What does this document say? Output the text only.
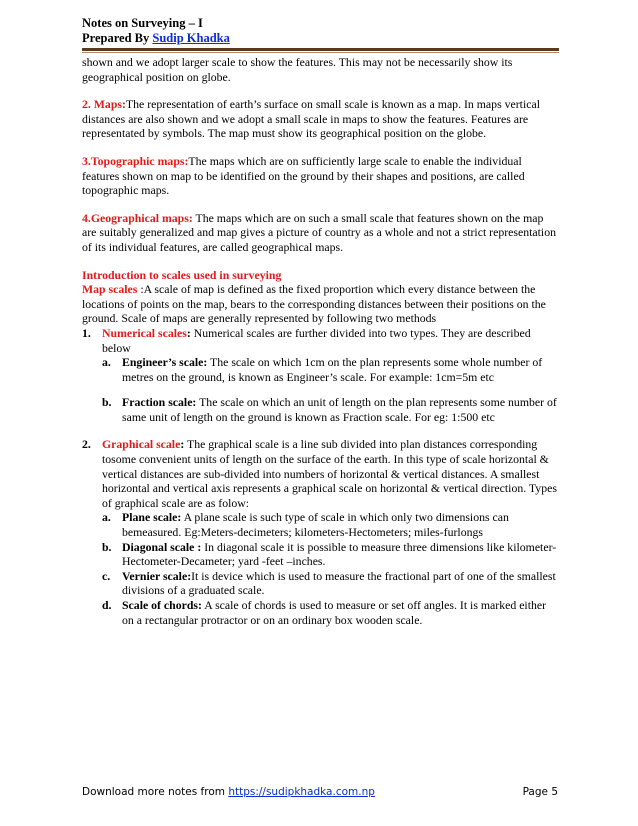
Notes on Surveying – I
Prepared By Sudip Khadka

shown and we adopt larger scale to show the features. This may not be necessarily show its geographical position on globe.

2. Maps:The representation of earth’s surface on small scale is known as a map. In maps vertical distances are also shown and we adopt a small scale in maps to show the features. Features are representated by symbols. The map must show its geographical position on the globe.

3.Topographic maps:The maps which are on sufficiently large scale to enable the individual features shown on map to be identified on the ground by their shapes and positions, are called topographic maps.

4.Geographical maps: The maps which are on such a small scale that features shown on the map are suitably generalized and map gives a picture of country as a whole and not a strict representation of its individual features, are called geographical maps.

Introduction to scales used in surveying

Map scales :A scale of map is defined as the fixed proportion which every distance between the locations of points on the map, bears to the corresponding distances between their positions on the ground. Scale of maps are generally represented by following two methods

1. Numerical scales: Numerical scales are further divided into two types. They are described below

a. Engineer’s scale: The scale on which 1cm on the plan represents some whole number of metres on the ground, is known as Engineer’s scale. For example: 1cm=5m etc

b. Fraction scale: The scale on which an unit of length on the plan represents some number of same unit of length on the ground is known as Fraction scale. For eg: 1:500 etc

2. Graphical scale: The graphical scale is a line sub divided into plan distances corresponding tosome convenient units of length on the surface of the earth. In this type of scale horizontal & vertical distances are sub-divided into numbers of horizontal & vertical distances. A smallest horizontal and vertical axis represents a graphical scale on horizontal & vertical direction. Types of graphical scale are as folow:

a. Plane scale: A plane scale is such type of scale in which only two dimensions can bemeasured. Eg:Meters-decimeters; kilometers-Hectometers; miles-furlongs

b. Diagonal scale : In diagonal scale it is possible to measure three dimensions like kilometer-Hectometer-Decameter; yard -feet –inches.

c. Vernier scale:It is device which is used to measure the fractional part of one of the smallest divisions of a graduated scale.

d. Scale of chords: A scale of chords is used to measure or set off angles. It is marked either on a rectangular protractor or on an ordinary box wooden scale.

Download more notes from https://sudipkhadka.com.np	Page 5
